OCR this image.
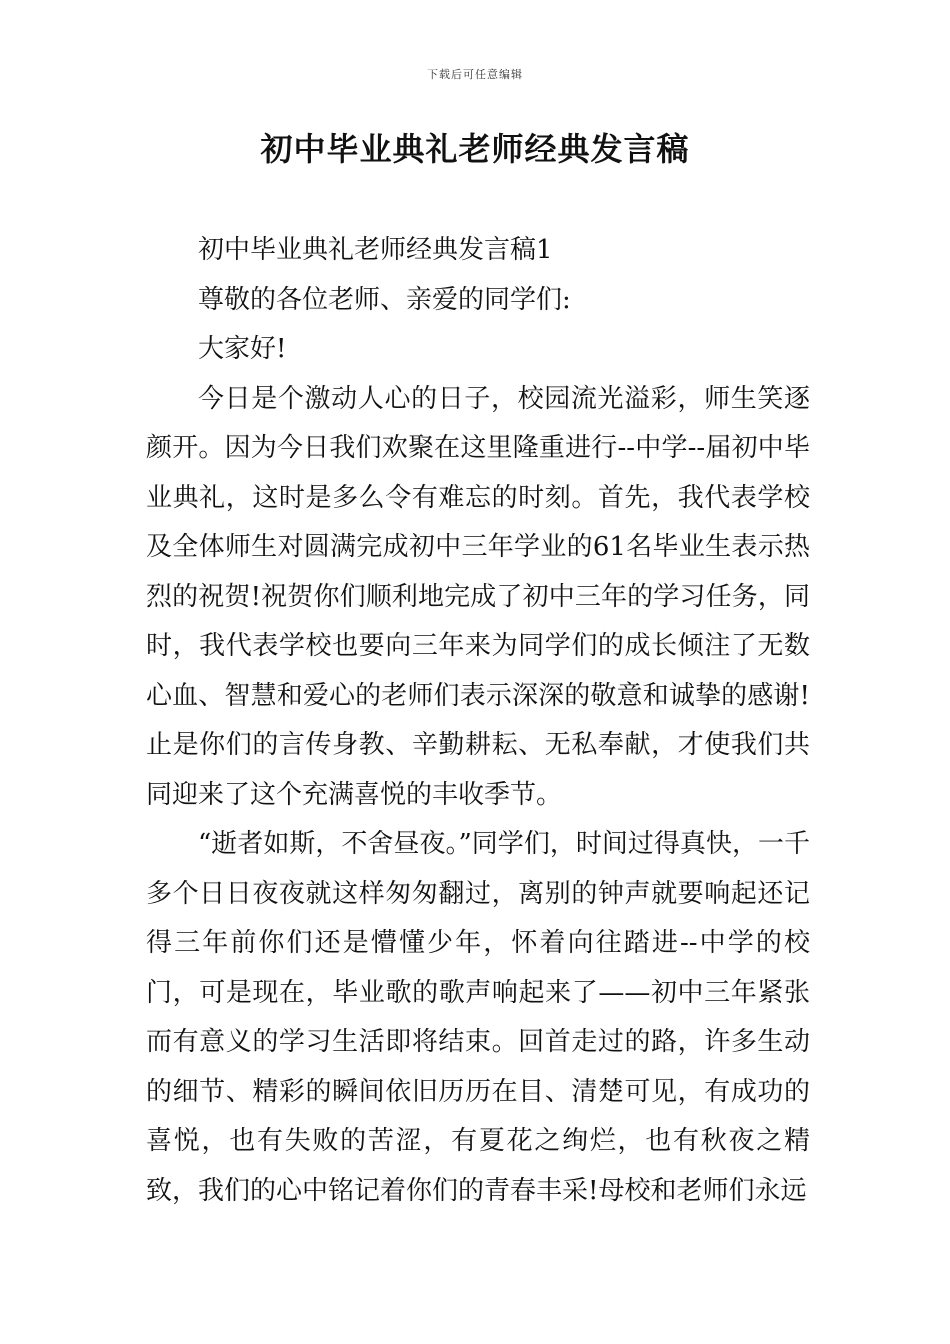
下载后可任意编辑
初中毕业典礼老师经典发言稿

初中毕业典礼老师经典发言稿1

尊敬的各位老师、亲爱的同学们:

大家好!

今日是个激动人心的日子，校园流光溢彩，师生笑逐颜开。因为今日我们欢聚在这里隆重进行--中学--届初中毕业典礼，这时是多么令有难忘的时刻。首先，我代表学校及全体师生对圆满完成初中三年学业的61名毕业生表示热烈的祝贺!祝贺你们顺利地完成了初中三年的学习任务，同时，我代表学校也要向三年来为同学们的成长倾注了无数心血、智慧和爱心的老师们表示深深的敬意和诚挚的感谢!止是你们的言传身教、辛勤耕耘、无私奉献，才使我们共同迎来了这个充满喜悦的丰收季节。

“逝者如斯，不舍昼夜。”同学们，时间过得真快，一千多个日日夜夜就这样匆匆翻过，离别的钟声就要响起还记得三年前你们还是懵懂少年，怀着向往踏进--中学的校门，可是现在，毕业歌的歌声响起来了——初中三年紧张而有意义的学习生活即将结束。回首走过的路，许多生动的细节、精彩的瞬间依旧历历在目、清楚可见，有成功的喜悦，也有失败的苦涩，有夏花之绚烂，也有秋夜之精致，我们的心中铭记着你们的青春丰采!母校和老师们永远
